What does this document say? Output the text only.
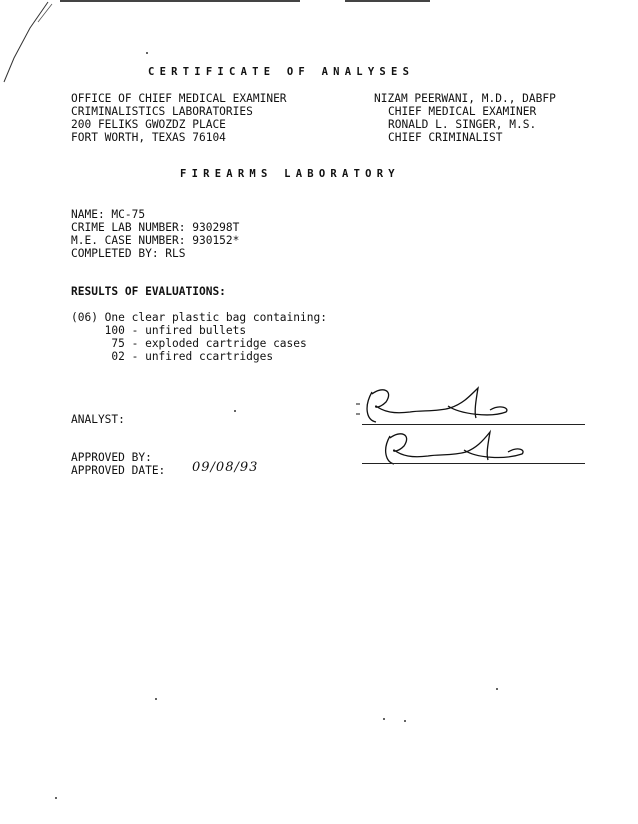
CERTIFICATE OF ANALYSES
OFFICE OF CHIEF MEDICAL EXAMINER
CRIMINALISTICS LABORATORIES
200 FELIKS GWOZDZ PLACE
FORT WORTH, TEXAS 76104
NIZAM PEERWANI, M.D., DABFP
CHIEF MEDICAL EXAMINER
RONALD L. SINGER, M.S.
CHIEF CRIMINALIST
FIREARMS LABORATORY
NAME: MC-75
CRIME LAB NUMBER: 930298T
M.E. CASE NUMBER: 930152*
COMPLETED BY: RLS
RESULTS OF EVALUATIONS:
(06) One clear plastic bag containing:
100 - unfired bullets
75 - exploded cartridge cases
02 - unfired ccartridges
ANALYST:
APPROVED BY:
APPROVED DATE: 09/08/93
